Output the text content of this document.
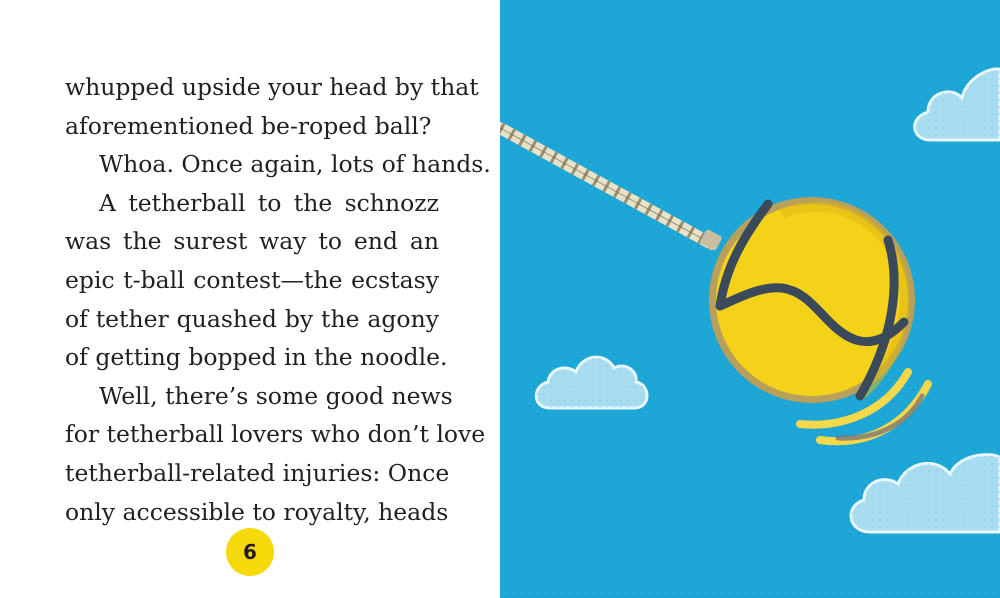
whupped upside your head by that
aforementioned be-roped ball?
Whoa. Once again, lots of hands.
A tetherball to the schnozz
was the surest way to end an
epic t-ball contest—the ecstasy
of tether quashed by the agony
of getting bopped in the noodle.
Well, there’s some good news
for tetherball lovers who don’t love
tetherball-related injuries: Once
only accessible to royalty, heads
6
